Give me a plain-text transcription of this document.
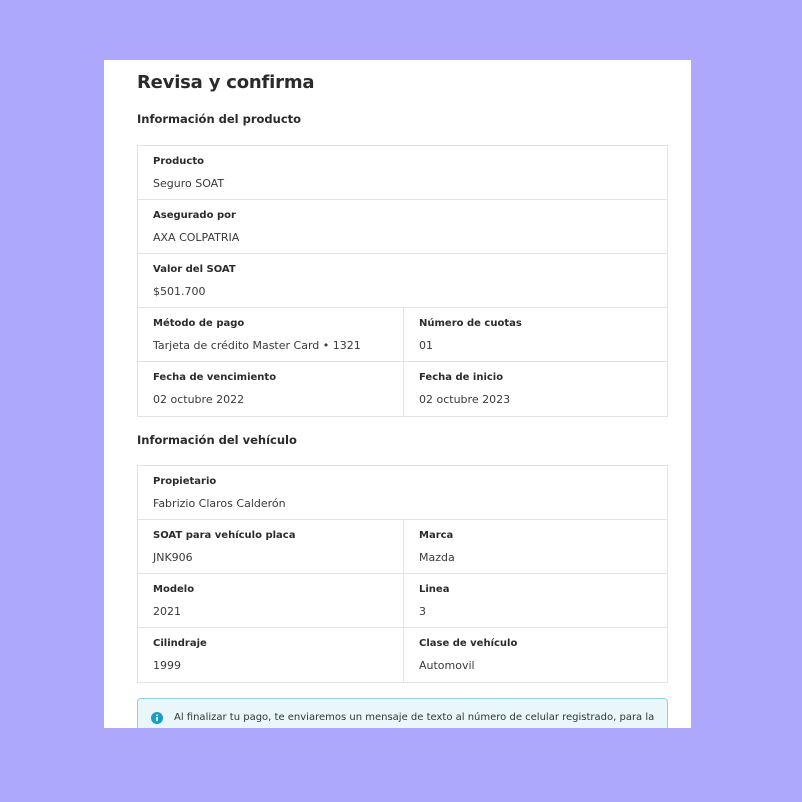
Revisa y confirma
Información del producto
Producto
Seguro SOAT
Asegurado por
AXA COLPATRIA
Valor del SOAT
$501.700
Método de pago
Tarjeta de crédito Master Card • 1321
Número de cuotas
01
Fecha de vencimiento
02 octubre 2022
Fecha de inicio
02 octubre 2023
Información del vehículo
Propietario
Fabrizio Claros Calderón
SOAT para vehículo placa
JNK906
Marca
Mazda
Modelo
2021
Linea
3
Cilindraje
1999
Clase de vehículo
Automovil
Al finalizar tu pago, te enviaremos un mensaje de texto al número de celular registrado, para la
